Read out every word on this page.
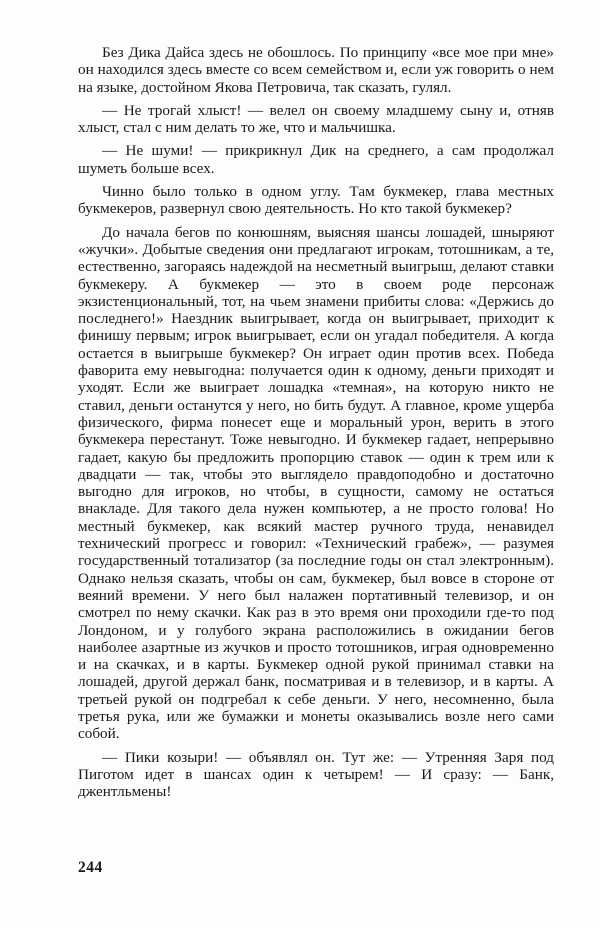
Без Дика Дайса здесь не обошлось. По принципу «все мое при мне» он находился здесь вместе со всем семейством и, если уж говорить о нем на языке, достойном Якова Петровича, так сказать, гулял.

— Не трогай хлыст! — велел он своему младшему сыну и, отняв хлыст, стал с ним делать то же, что и мальчишка.

— Не шуми! — прикрикнул Дик на среднего, а сам продолжал шуметь больше всех.

Чинно было только в одном углу. Там букмекер, глава местных букмекеров, развернул свою деятельность. Но кто такой букмекер?

До начала бегов по конюшням, выясняя шансы лошадей, шныряют «жучки». Добытые сведения они предлагают игрокам, тотошникам, а те, естественно, загораясь надеждой на несметный выигрыш, делают ставки букмекеру. А букмекер — это в своем роде персонаж экзистенциональный, тот, на чьем знамени прибиты слова: «Держись до последнего!» Наездник выигрывает, когда он выигрывает, приходит к финишу первым; игрок выигрывает, если он угадал победителя. А когда остается в выигрыше букмекер? Он играет один против всех. Победа фаворита ему невыгодна: получается один к одному, деньги приходят и уходят. Если же выиграет лошадка «темная», на которую никто не ставил, деньги останутся у него, но бить будут. А главное, кроме ущерба физического, фирма понесет еще и моральный урон, верить в этого букмекера перестанут. Тоже невыгодно. И букмекер гадает, непрерывно гадает, какую бы предложить пропорцию ставок — один к трем или к двадцати — так, чтобы это выглядело правдоподобно и достаточно выгодно для игроков, но чтобы, в сущности, самому не остаться внакладе. Для такого дела нужен компьютер, а не просто голова! Но местный букмекер, как всякий мастер ручного труда, ненавидел технический прогресс и говорил: «Технический грабеж», — разумея государственный тотализатор (за последние годы он стал электронным). Однако нельзя сказать, чтобы он сам, букмекер, был вовсе в стороне от веяний времени. У него был налажен портативный телевизор, и он смотрел по нему скачки. Как раз в это время они проходили где-то под Лондоном, и у голубого экрана расположились в ожидании бегов наиболее азартные из жучков и просто тотошников, играя одновременно и на скачках, и в карты. Букмекер одной рукой принимал ставки на лошадей, другой держал банк, посматривая и в телевизор, и в карты. А третьей рукой он подгребал к себе деньги. У него, несомненно, была третья рука, или же бумажки и монеты оказывались возле него сами собой.

— Пики козыри! — объявлял он. Тут же: — Утренняя Заря под Пиготом идет в шансах один к четырем! — И сразу: — Банк, джентльмены!

244
